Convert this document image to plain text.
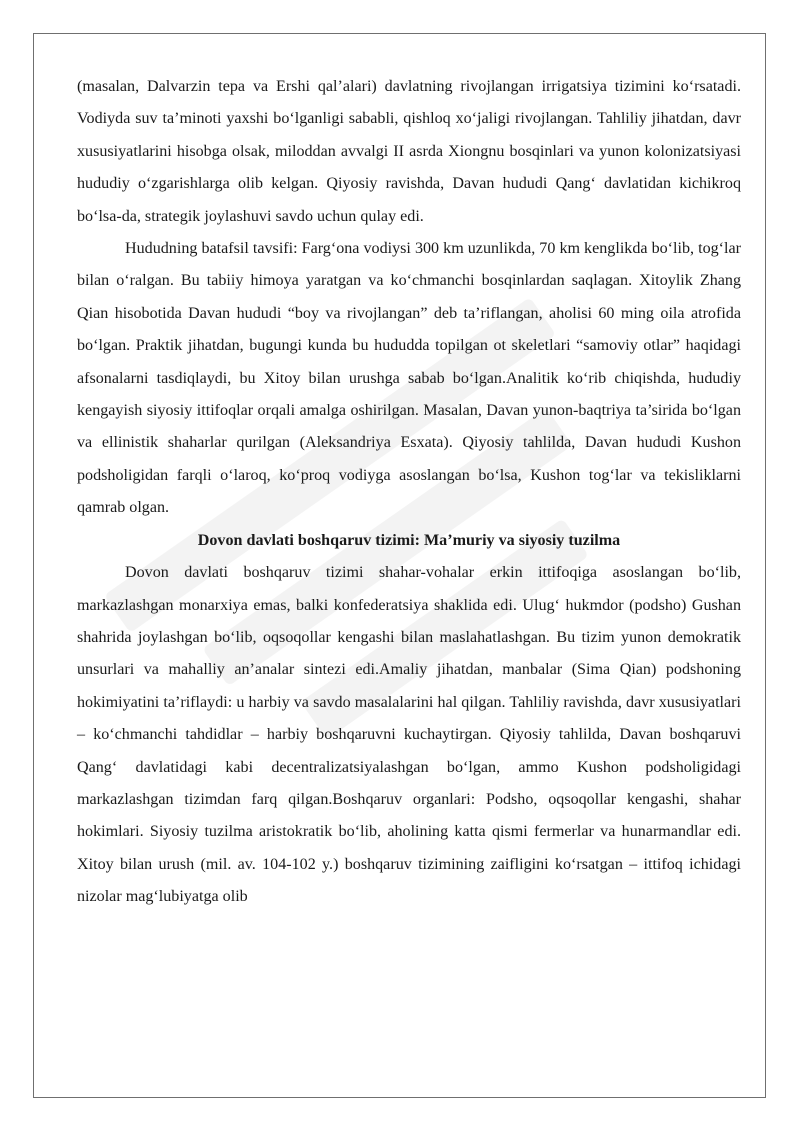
(masalan, Dalvarzin tepa va Ershi qal’alari) davlatning rivojlangan irrigatsiya tizimini ko‘rsatadi. Vodiyda suv ta’minoti yaxshi bo‘lganligi sababli, qishloq xo‘jaligi rivojlangan. Tahliliy jihatdan, davr xususiyatlarini hisobga olsak, miloddan avvalgi II asrda Xiongnu bosqinlari va yunon kolonizatsiyasi hududiy o‘zgarishlarga olib kelgan. Qiyosiy ravishda, Davan hududi Qang‘ davlatidan kichikroq bo‘lsa-da, strategik joylashuvi savdo uchun qulay edi.

Hududning batafsil tavsifi: Farg‘ona vodiysi 300 km uzunlikda, 70 km kenglikda bo‘lib, tog‘lar bilan o‘ralgan. Bu tabiiy himoya yaratgan va ko‘chmanchi bosqinlardan saqlagan. Xitoylik Zhang Qian hisobotida Davan hududi “boy va rivojlangan” deb ta’riflangan, aholisi 60 ming oila atrofida bo‘lgan. Praktik jihatdan, bugungi kunda bu hududda topilgan ot skeletlari “samoviy otlar” haqidagi afsonalarni tasdiqlaydi, bu Xitoy bilan urushga sabab bo‘lgan.Analitik ko‘rib chiqishda, hududiy kengayish siyosiy ittifoqlar orqali amalga oshirilgan. Masalan, Davan yunon-baqtriya ta’sirida bo‘lgan va ellinistik shaharlar qurilgan (Aleksandriya Esxata). Qiyosiy tahlilda, Davan hududi Kushon podsholigidan farqli o‘laroq, ko‘proq vodiyga asoslangan bo‘lsa, Kushon tog‘lar va tekisliklarni qamrab olgan.

Dovon davlati boshqaruv tizimi: Ma’muriy va siyosiy tuzilma

Dovon davlati boshqaruv tizimi shahar-vohalar erkin ittifoqiga asoslangan bo‘lib, markazlashgan monarxiya emas, balki konfederatsiya shaklida edi. Ulug‘ hukmdor (podsho) Gushan shahrida joylashgan bo‘lib, oqsoqollar kengashi bilan maslahatlashgan. Bu tizim yunon demokratik unsurlari va mahalliy an’analar sintezi edi.Amaliy jihatdan, manbalar (Sima Qian) podshoning hokimiyatini ta’riflaydi: u harbiy va savdo masalalarini hal qilgan. Tahliliy ravishda, davr xususiyatlari – ko‘chmanchi tahdidlar – harbiy boshqaruvni kuchaytirgan. Qiyosiy tahlilda, Davan boshqaruvi Qang‘ davlatidagi kabi decentralizatsiyalashgan bo‘lgan, ammo Kushon podsholigidagi markazlashgan tizimdan farq qilgan.Boshqaruv organlari: Podsho, oqsoqollar kengashi, shahar hokimlari. Siyosiy tuzilma aristokratik bo‘lib, aholining katta qismi fermerlar va hunarmandlar edi. Xitoy bilan urush (mil. av. 104-102 y.) boshqaruv tizimining zaifligini ko‘rsatgan – ittifoq ichidagi nizolar mag‘lubiyatga olib
